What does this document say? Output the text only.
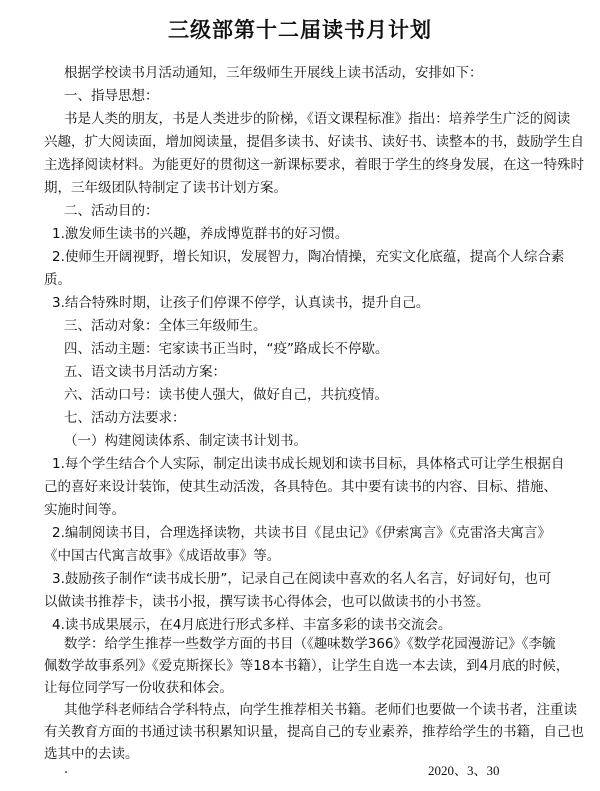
三级部第十二届读书月计划
根据学校读书月活动通知，三年级师生开展线上读书活动，安排如下：
一、指导思想：
书是人类的朋友，书是人类进步的阶梯，《语文课程标准》指出：培养学生广泛的阅读
兴趣，扩大阅读面，增加阅读量，提倡多读书、好读书、读好书、读整本的书，鼓励学生自
主选择阅读材料。为能更好的贯彻这一新课标要求，着眼于学生的终身发展，在这一特殊时
期，三年级团队特制定了读书计划方案。
二、活动目的：
1.激发师生读书的兴趣，养成博览群书的好习惯。
2.使师生开阔视野，增长知识，发展智力，陶冶情操，充实文化底蕴，提高个人综合素
质。
3.结合特殊时期，让孩子们停课不停学，认真读书，提升自己。
三、活动对象：全体三年级师生。
四、活动主题：宅家读书正当时，“疫”路成长不停歇。
五、语文读书月活动方案：
六、活动口号：读书使人强大，做好自己，共抗疫情。
七、活动方法要求：
（一）构建阅读体系、制定读书计划书。
1.每个学生结合个人实际，制定出读书成长规划和读书目标，具体格式可让学生根据自
己的喜好来设计装饰，使其生动活泼，各具特色。其中要有读书的内容、目标、措施、
实施时间等。
2.编制阅读书目，合理选择读物，共读书目《昆虫记》《伊索寓言》《克雷洛夫寓言》
《中国古代寓言故事》《成语故事》等。
3.鼓励孩子制作“读书成长册”，记录自己在阅读中喜欢的名人名言，好词好句，也可
以做读书推荐卡，读书小报，撰写读书心得体会，也可以做读书的小书签。
4.读书成果展示，在4月底进行形式多样、丰富多彩的读书交流会。
·	2020、3、30
数学：给学生推荐一些数学方面的书目（《趣味数学366》《数学花园漫游记》《李毓
佩数学故事系列》《爱克斯探长》等18本书籍），让学生自选一本去读，到4月底的时候，
让每位同学写一份收获和体会。
其他学科老师结合学科特点，向学生推荐相关书籍。老师们也要做一个读书者，注重读
有关教育方面的书通过读书积累知识量，提高自己的专业素养，推荐给学生的书籍，自己也
选其中的去读。
